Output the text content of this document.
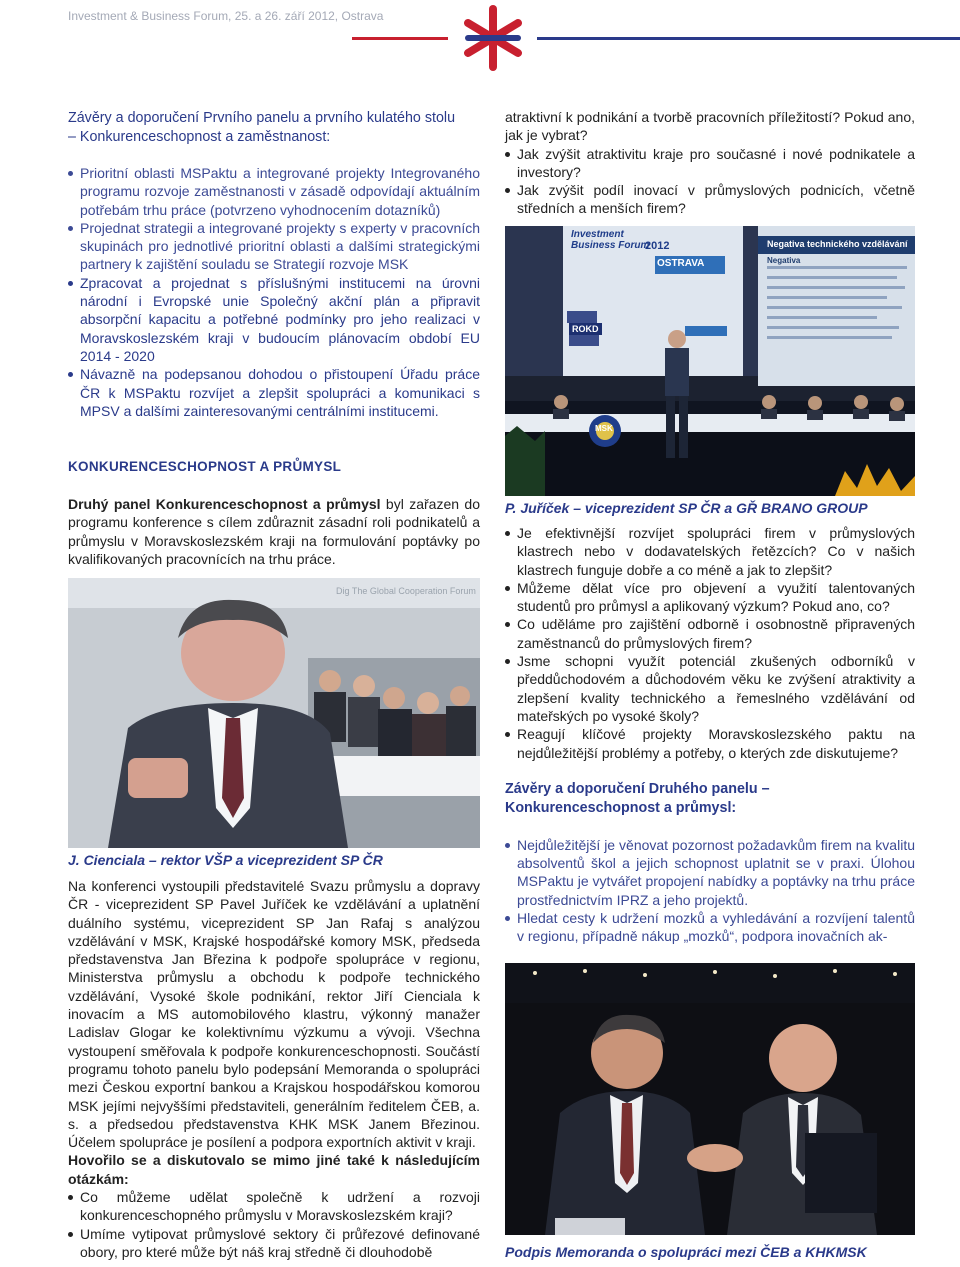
Investment & Business Forum, 25. a 26. září 2012, Ostrava

Závěry a doporučení Prvního panelu a prvního kulatého stolu

– Konkurenceschopnost a zaměstnanost:

Prioritní oblasti MSPaktu a integrované projekty Integrovaného programu rozvoje zaměstnanosti v zásadě odpovídají aktuálním potřebám trhu práce (potvrzeno vyhodnocením dotazníků)
Projednat strategii a integrované projekty s experty v pracovních skupinách pro jednotlivé prioritní oblasti a dalšími strategickými partnery k zajištění souladu se Strategií rozvoje MSK
Zpracovat a projednat s příslušnými institucemi na úrovni národní i Evropské unie Společný akční plán a připravit absorpční kapacitu a potřebné podmínky pro jeho realizaci v Moravskoslezském kraji v budoucím plánovacím období EU 2014 - 2020
Návazně na podepsanou dohodou o přistoupení Úřadu práce ČR k MSPaktu rozvíjet a zlepšit spolupráci a komunikaci s MPSV a dalšími zainteresovanými centrálními institucemi.

atraktivní k podnikání a tvorbě pracovních příležitostí? Pokud ano, jak je vybrat?

Jak zvýšit atraktivitu kraje pro současné i nové podnikatele a investory?
Jak zvýšit podíl inovací v průmyslových podnicích, včetně středních a menších firem?
Investment Business Forum
2012
OSTRAVA
Negativa technického vzdělávání
Negativa
ROKD
MSK
KONKURENCESCHOPNOST A PRŮMYSL

Druhý panel Konkurenceschopnost a průmysl byl zařazen do programu konference s cílem zdůraznit zásadní roli podnikatelů a průmyslu v Moravskoslezském kraji na formulování poptávky po kvalifikovaných pracovnících na trhu práce.

Dig The Global Cooperation Forum

J. Cienciala – rektor VŠP a viceprezident SP ČR

Na konferenci vystoupili představitelé Svazu průmyslu a dopravy ČR - viceprezident SP Pavel Juříček ke vzdělávání a uplatnění duálního systému, viceprezident SP Jan Rafaj s analýzou vzdělávání v MSK, Krajské hospodářské komory MSK, předseda představenstva Jan Březina k podpoře spolupráce v regionu, Ministerstva průmyslu a obchodu k podpoře technického vzdělávání, Vysoké škole podnikání, rektor Jiří Cienciala k inovacím a MS automobilového klastru, výkonný manažer Ladislav Glogar ke kolektivnímu výzkumu a vývoji. Všechna vystoupení směřovala k podpoře konkurenceschopnosti. Součástí programu tohoto panelu bylo podepsání Memoranda o spolupráci mezi Českou exportní bankou a Krajskou hospodářskou komorou MSK jejími nejvyššími představiteli, generálním ředitelem ČEB, a. s. a předsedou představenstva KHK MSK Janem Březinou. Účelem spolupráce je posílení a podpora exportních aktivit v kraji.

Hovořilo se a diskutovalo se mimo jiné také k následujícím otázkám:

Co můžeme udělat společně k udržení a rozvoji konkurenceschopného průmyslu v Moravskoslezském kraji?
Umíme vytipovat průmyslové sektory či průřezové definované obory, pro které může být náš kraj středně či dlouhodobě

P. Juříček – viceprezident SP ČR a GŘ BRANO GROUP

Je efektivnější rozvíjet spolupráci firem v průmyslových klastrech nebo v dodavatelských řetězcích? Co v našich klastrech funguje dobře a co méně a jak to zlepšit?
Můžeme dělat více pro objevení a využití talentovaných studentů pro průmysl a aplikovaný výzkum? Pokud ano, co?
Co uděláme pro zajištění odborně i osobnostně připravených zaměstnanců do průmyslových firem?
Jsme schopni využít potenciál zkušených odborníků v předdůchodovém a důchodovém věku ke zvýšení atraktivity a zlepšení kvality technického a řemeslného vzdělávání od mateřských po vysoké školy?
Reagují klíčové projekty Moravskoslezského paktu na nejdůležitější problémy a potřeby, o kterých zde diskutujeme?

Závěry a doporučení Druhého panelu – Konkurenceschopnost a průmysl:

Nejdůležitější je věnovat pozornost požadavkům firem na kvalitu absolventů škol a jejich schopnost uplatnit se v praxi. Úlohou MSPaktu je vytvářet propojení nabídky a poptávky na trhu práce prostřednictvím IPRZ a jeho projektů.
Hledat cesty k udržení mozků a vyhledávání a rozvíjení talentů v regionu, případně nákup „mozků“, podpora inovačních ak-

Podpis Memoranda o spolupráci mezi ČEB a KHKMSK
